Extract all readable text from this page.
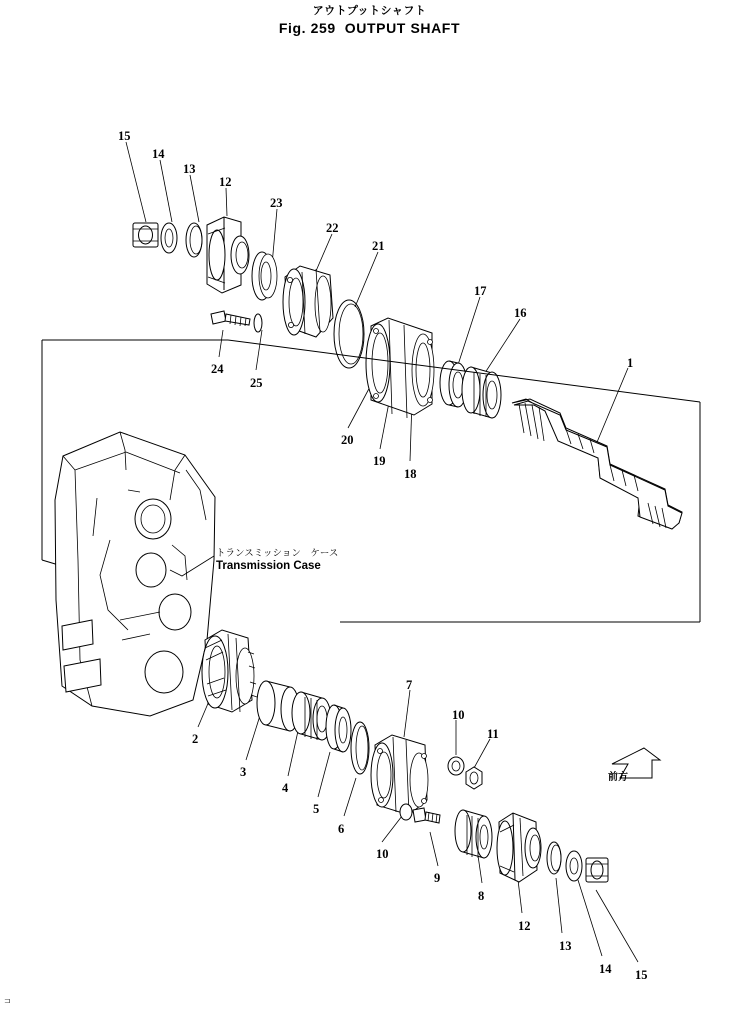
アウトプットシャフト
Fig. 259 OUTPUT SHAFT
15
14
13
12
23
22
21
17
16
1
24
25
20
19
18
2
3
4
5
6
7
10
11
10
9
8
12
13
14 15
トランスミッション　ケース
Transmission Case
前方
⊐
